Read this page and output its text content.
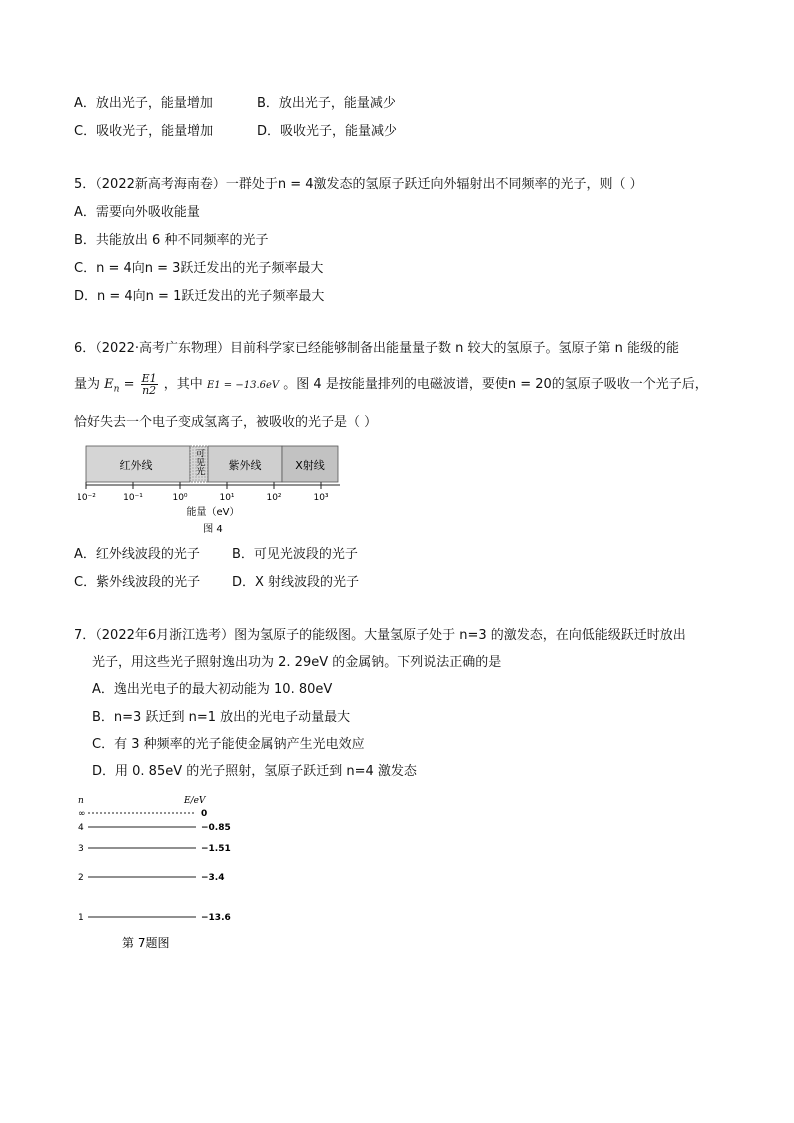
A．放出光子，能量增加	B．放出光子，能量减少
C．吸收光子，能量增加	D．吸收光子，能量减少
5．（2022新高考海南卷）一群处于n = 4激发态的氢原子跃迁向外辐射出不同频率的光子，则（ ）
A．需要向外吸收能量
B．共能放出 6 种不同频率的光子
C．n = 4向n = 3跃迁发出的光子频率最大
D．n = 4向n = 1跃迁发出的光子频率最大
6．（2022·高考广东物理）目前科学家已经能够制备出能量量子数 n 较大的氢原子。氢原子第 n 能级的能
量为 $E_n = \frac{E1}{n2}$ ，其中 E1 = −13.6eV 。图 4 是按能量排列的电磁波谱，要使n = 20的氢原子吸收一个光子后，
恰好失去一个电子变成氢离子，被吸收的光子是（ ）
红外线	可见光 紫外线	X射线
10⁻²	10⁻¹	10⁰	10¹	10²	10³
能量（eV）
图 4
A．红外线波段的光子 B．可见光波段的光子
C．紫外线波段的光子 D．X 射线波段的光子
7．（2022年6月浙江选考）图为氢原子的能级图。大量氢原子处于 n=3 的激发态，在向低能级跃迁时放出
光子，用这些光子照射逸出功为 2. 29eV 的金属钠。下列说法正确的是
A．逸出光电子的最大初动能为 10. 80eV
B．n=3 跃迁到 n=1 放出的光电子动量最大
C．有 3 种频率的光子能使金属钠产生光电效应
D．用 0. 85eV 的光子照射，氢原子跃迁到 n=4 激发态
n	E/eV
∞	0
4	−0.85
3	−1.51
2	−3.4
1	−13.6
第 7题图
